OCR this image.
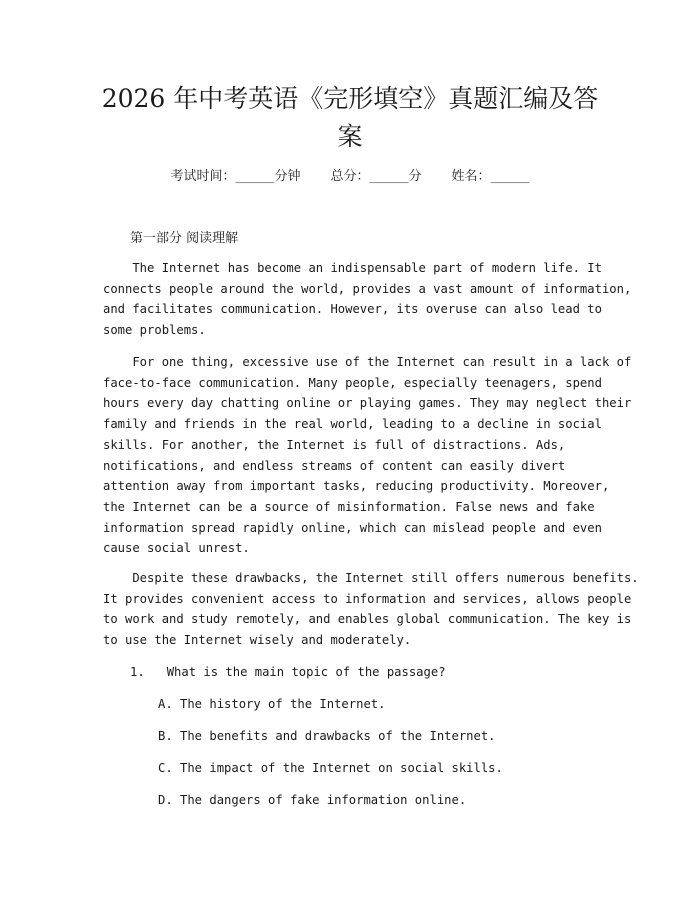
2026 年中考英语《完形填空》真题汇编及答
案
考试时间：______分钟 总分：______分 姓名：______
第一部分 阅读理解
The Internet has become an indispensable part of modern life. It
connects people around the world, provides a vast amount of information,
and facilitates communication. However, its overuse can also lead to
some problems.
For one thing, excessive use of the Internet can result in a lack of
face-to-face communication. Many people, especially teenagers, spend
hours every day chatting online or playing games. They may neglect their
family and friends in the real world, leading to a decline in social
skills. For another, the Internet is full of distractions. Ads,
notifications, and endless streams of content can easily divert
attention away from important tasks, reducing productivity. Moreover,
the Internet can be a source of misinformation. False news and fake
information spread rapidly online, which can mislead people and even
cause social unrest.
Despite these drawbacks, the Internet still offers numerous benefits.
It provides convenient access to information and services, allows people
to work and study remotely, and enables global communication. The key is
to use the Internet wisely and moderately.
1. What is the main topic of the passage?
A. The history of the Internet.
B. The benefits and drawbacks of the Internet.
C. The impact of the Internet on social skills.
D. The dangers of fake information online.
